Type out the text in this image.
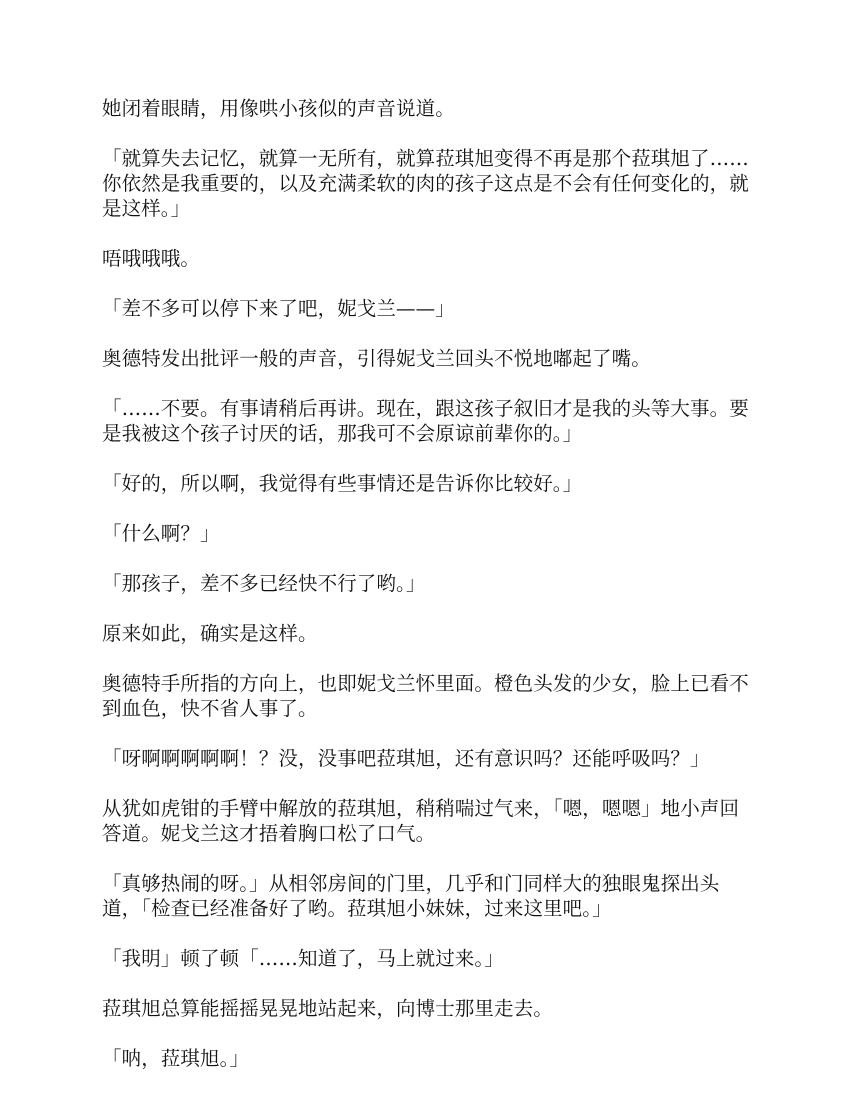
她闭着眼睛，用像哄小孩似的声音说道。

「就算失去记忆，就算一无所有，就算菈琪旭变得不再是那个菈琪旭了……你依然是我重要的，以及充满柔软的肉的孩子这点是不会有任何变化的，就是这样。」

唔哦哦哦。

「差不多可以停下来了吧，妮戈兰——」

奥德特发出批评一般的声音，引得妮戈兰回头不悦地嘟起了嘴。

「……不要。有事请稍后再讲。现在，跟这孩子叙旧才是我的头等大事。要是我被这个孩子讨厌的话，那我可不会原谅前辈你的。」

「好的，所以啊，我觉得有些事情还是告诉你比较好。」

「什么啊？」

「那孩子，差不多已经快不行了哟。」

原来如此，确实是这样。

奥德特手所指的方向上，也即妮戈兰怀里面。橙色头发的少女，脸上已看不到血色，快不省人事了。

「呀啊啊啊啊啊！？没，没事吧菈琪旭，还有意识吗？还能呼吸吗？」

从犹如虎钳的手臂中解放的菈琪旭，稍稍喘过气来，「嗯，嗯嗯」地小声回答道。妮戈兰这才捂着胸口松了口气。

「真够热闹的呀。」从相邻房间的门里，几乎和门同样大的独眼鬼探出头道，「检查已经准备好了哟。菈琪旭小妹妹，过来这里吧。」

「我明」顿了顿「……知道了，马上就过来。」

菈琪旭总算能摇摇晃晃地站起来，向博士那里走去。

「呐，菈琪旭。」
